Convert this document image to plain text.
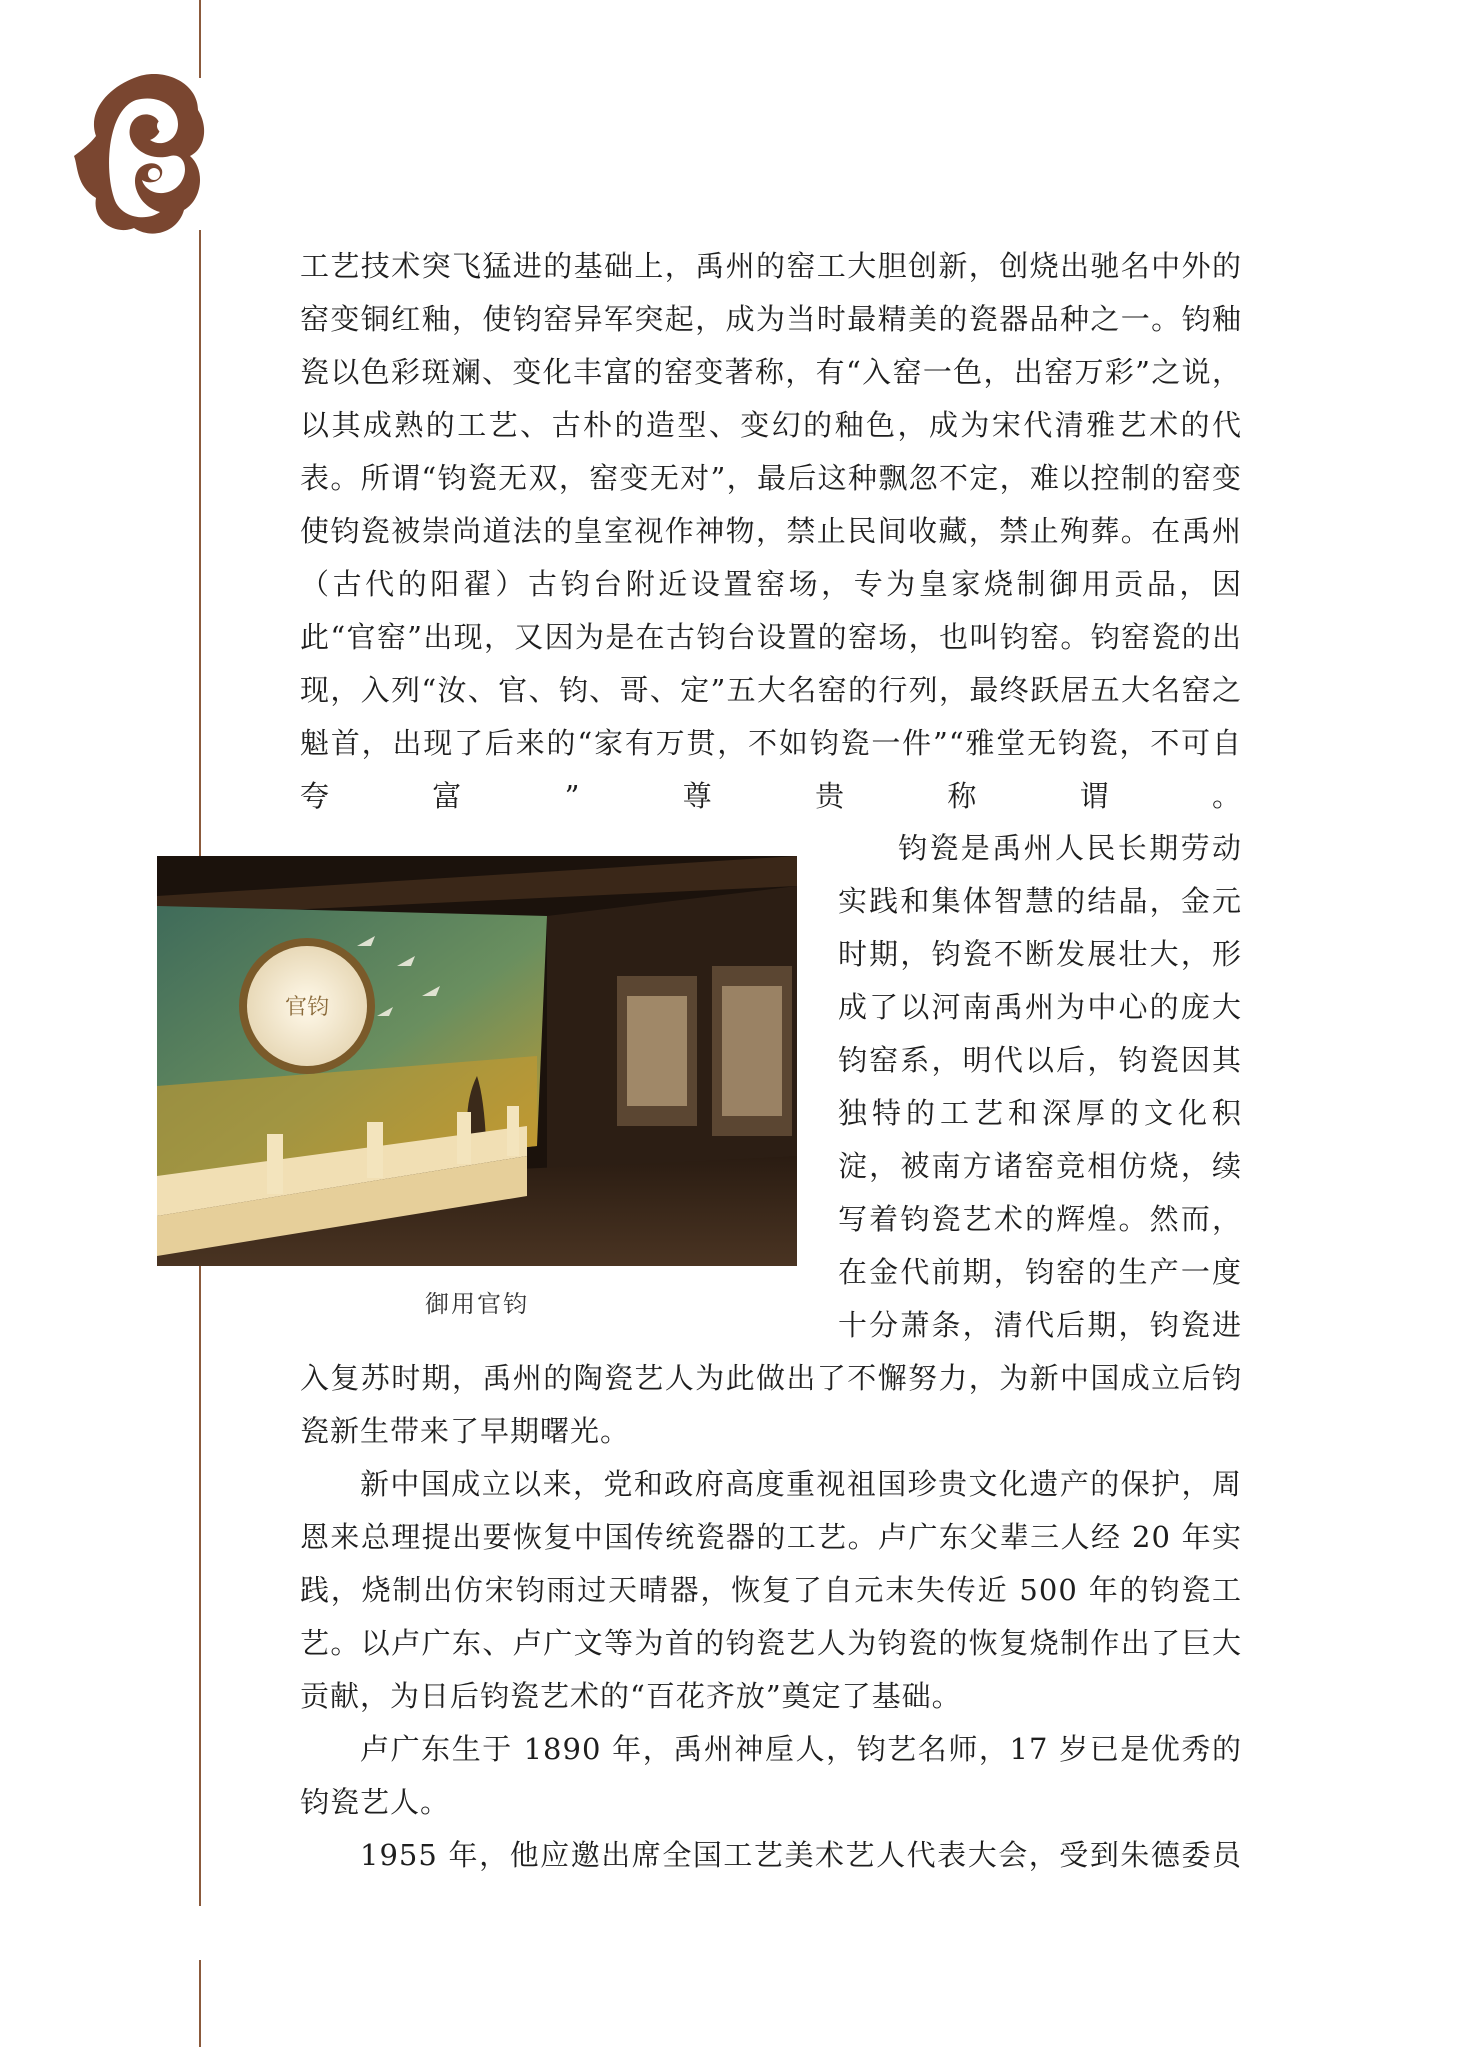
工艺技术突飞猛进的基础上，禹州的窑工大胆创新，创烧出驰名中外的窑变铜红釉，使钧窑异军突起，成为当时最精美的瓷器品种之一。钧釉瓷以色彩斑斓、变化丰富的窑变著称，有“入窑一色，出窑万彩”之说，以其成熟的工艺、古朴的造型、变幻的釉色，成为宋代清雅艺术的代表。所谓“钧瓷无双，窑变无对”，最后这种飘忽不定，难以控制的窑变使钧瓷被崇尚道法的皇室视作神物，禁止民间收藏，禁止殉葬。在禹州（古代的阳翟）古钧台附近设置窑场，专为皇家烧制御用贡品，因此“官窑”出现，又因为是在古钧台设置的窑场，也叫钧窑。钧窑瓷的出现，入列“汝、官、钧、哥、定”五大名窑的行列，最终跃居五大名窑之魁首，出现了后来的“家有万贯，不如钧瓷一件”“雅堂无钧瓷，不可自夸富”尊贵称谓。

官钧
御用官钧

钧瓷是禹州人民长期劳动实践和集体智慧的结晶，金元时期，钧瓷不断发展壮大，形成了以河南禹州为中心的庞大钧窑系，明代以后，钧瓷因其独特的工艺和深厚的文化积淀，被南方诸窑竞相仿烧，续写着钧瓷艺术的辉煌。然而，在金代前期，钧窑的生产一度十分萧条，清代后期，钧瓷进

入复苏时期，禹州的陶瓷艺人为此做出了不懈努力，为新中国成立后钧瓷新生带来了早期曙光。

新中国成立以来，党和政府高度重视祖国珍贵文化遗产的保护，周恩来总理提出要恢复中国传统瓷器的工艺。卢广东父辈三人经 20 年实践，烧制出仿宋钧雨过天晴器，恢复了自元末失传近 500 年的钧瓷工艺。以卢广东、卢广文等为首的钧瓷艺人为钧瓷的恢复烧制作出了巨大贡献，为日后钧瓷艺术的“百花齐放”奠定了基础。

卢广东生于 1890 年，禹州神垕人，钧艺名师，17 岁已是优秀的钧瓷艺人。

1955 年，他应邀出席全国工艺美术艺人代表大会，受到朱德委员
